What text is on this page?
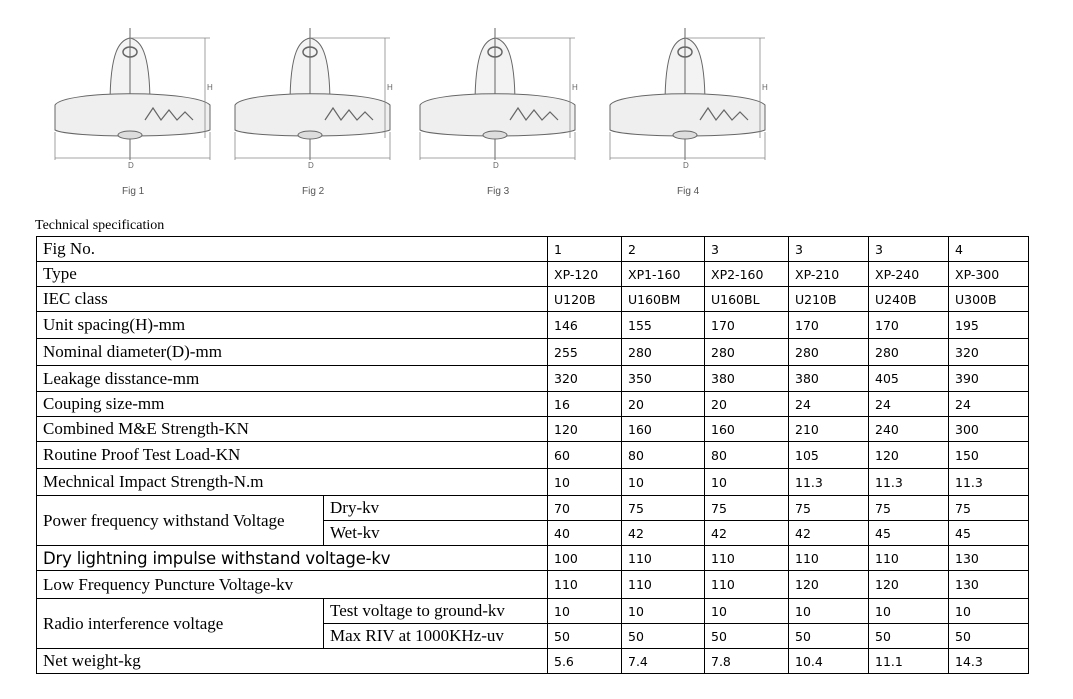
H
D
Fig 1
H
D
Fig 2
H
D
Fig 3
H
D
Fig 4
Technical specification
Fig No.		1	2	3	3	3	4
Type		XP-120	XP1-160	XP2-160	XP-210	XP-240	XP-300
IEC class		U120B	U160BM	U160BL	U210B	U240B	U300B
Unit spacing(H)-mm		146	155	170	170	170	195
Nominal diameter(D)-mm		255	280	280	280	280	320
Leakage disstance-mm		320	350	380	380	405	390
Couping size-mm		16	20	20	24	24	24
Combined M&E Strength-KN		120	160	160	210	240	300
Routine Proof Test Load-KN		60	80	80	105	120	150
Mechnical Impact Strength-N.m		10	10	10	11.3	11.3	11.3
Power frequency withstand Voltage	Dry-kv	70	75	75	75	75	75
	Wet-kv	40	42	42	42	45	45
Dry lightning impulse withstand voltage-kv		100	110	110	110	110	130
Low Frequency Puncture Voltage-kv		110	110	110	120	120	130
Radio interference voltage	Test voltage to ground-kv	10	10	10	10	10	10
	Max RIV at 1000KHz-uv	50	50	50	50	50	50
Net weight-kg		5.6	7.4	7.8	10.4	11.1	14.3
